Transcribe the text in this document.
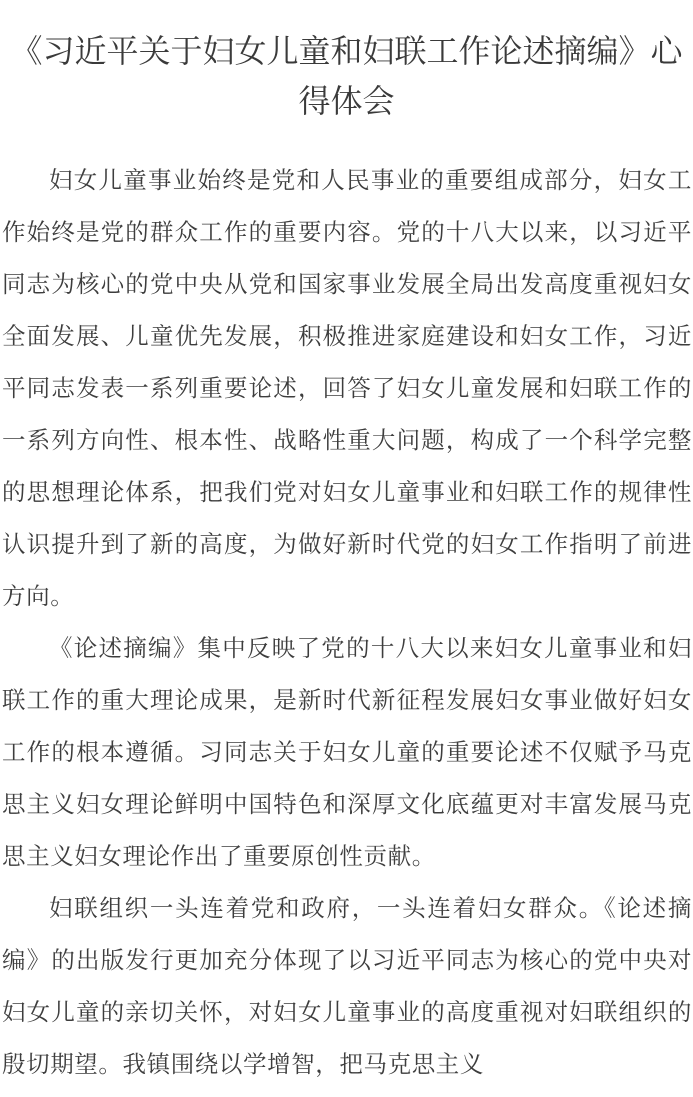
《习近平关于妇女儿童和妇联工作论述摘编》心得体会

妇女儿童事业始终是党和人民事业的重要组成部分，妇女工作始终是党的群众工作的重要内容。党的十八大以来，以习近平同志为核心的党中央从党和国家事业发展全局出发高度重视妇女全面发展、儿童优先发展，积极推进家庭建设和妇女工作，习近平同志发表一系列重要论述，回答了妇女儿童发展和妇联工作的一系列方向性、根本性、战略性重大问题，构成了一个科学完整的思想理论体系，把我们党对妇女儿童事业和妇联工作的规律性认识提升到了新的高度，为做好新时代党的妇女工作指明了前进方向。

《论述摘编》集中反映了党的十八大以来妇女儿童事业和妇联工作的重大理论成果，是新时代新征程发展妇女事业做好妇女工作的根本遵循。习同志关于妇女儿童的重要论述不仅赋予马克思主义妇女理论鲜明中国特色和深厚文化底蕴更对丰富发展马克思主义妇女理论作出了重要原创性贡献。

妇联组织一头连着党和政府，一头连着妇女群众。《论述摘编》的出版发行更加充分体现了以习近平同志为核心的党中央对妇女儿童的亲切关怀，对妇女儿童事业的高度重视对妇联组织的殷切期望。我镇围绕以学增智，把马克思主义
